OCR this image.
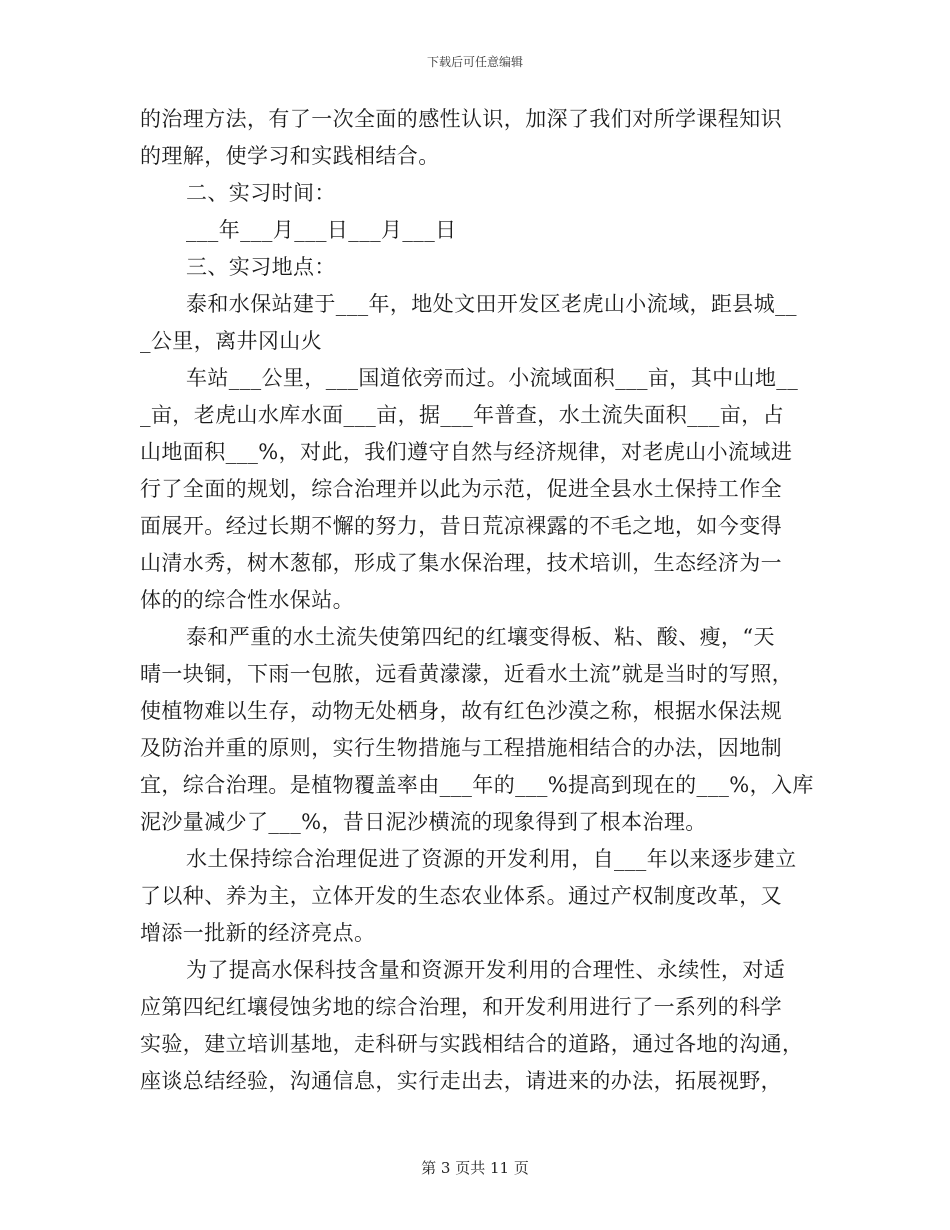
下载后可任意编辑
的治理方法，有了一次全面的感性认识，加深了我们对所学课程知识
的理解，使学习和实践相结合。
二、实习时间：
___年___月___日___月___日
三、实习地点：
泰和水保站建于___年，地处文田开发区老虎山小流域，距县城__
_公里，离井冈山火
车站___公里，___国道依旁而过。小流域面积___亩，其中山地__
_亩，老虎山水库水面___亩，据___年普查，水土流失面积___亩，占
山地面积___%，对此，我们遵守自然与经济规律，对老虎山小流域进
行了全面的规划，综合治理并以此为示范，促进全县水土保持工作全
面展开。经过长期不懈的努力，昔日荒凉裸露的不毛之地，如今变得
山清水秀，树木葱郁，形成了集水保治理，技术培训，生态经济为一
体的的综合性水保站。
泰和严重的水土流失使第四纪的红壤变得板、粘、酸、瘦，“天
晴一块铜，下雨一包脓，远看黄濛濛，近看水土流”就是当时的写照，
使植物难以生存，动物无处栖身，故有红色沙漠之称，根据水保法规
及防治并重的原则，实行生物措施与工程措施相结合的办法，因地制
宜，综合治理。是植物覆盖率由___年的___%提高到现在的___%，入库
泥沙量减少了___%，昔日泥沙横流的现象得到了根本治理。
水土保持综合治理促进了资源的开发利用，自___年以来逐步建立
了以种、养为主，立体开发的生态农业体系。通过产权制度改革，又
增添一批新的经济亮点。
为了提高水保科技含量和资源开发利用的合理性、永续性，对适
应第四纪红壤侵蚀劣地的综合治理，和开发利用进行了一系列的科学
实验，建立培训基地，走科研与实践相结合的道路，通过各地的沟通，
座谈总结经验，沟通信息，实行走出去，请进来的办法，拓展视野，
第 3 页共 11 页
